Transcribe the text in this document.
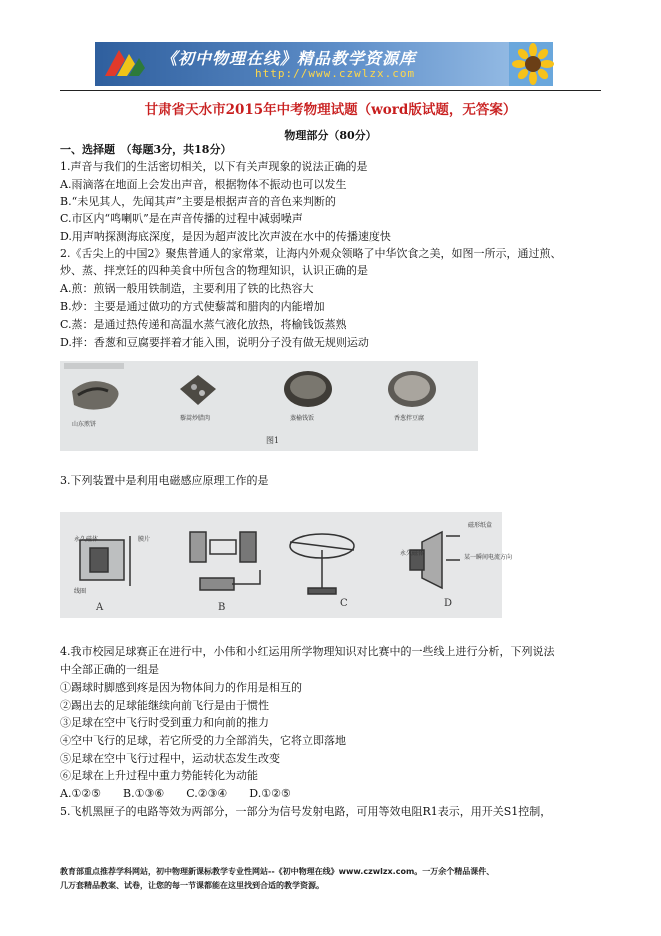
《初中物理在线》精品教学资源库
http://www.czwlzx.com
甘肃省天水市2015年中考物理试题（word版试题，无答案）
物理部分（80分）
一、选择题　（每题3分，共18分）
1.声音与我们的生活密切相关，以下有关声现象的说法正确的是
A.雨滴落在地面上会发出声音，根据物体不振动也可以发生
B.“未见其人，先闻其声”主要是根据声音的音色来判断的
C.市区内“鸣喇叭”是在声音传播的过程中减弱噪声
D.用声呐探测海底深度，是因为超声波比次声波在水中的传播速度快
2.《舌尖上的中国2》聚焦普通人的家常菜，让海内外观众领略了中华饮食之美，如图一所示，通过煎、
炒、蒸、拌烹饪的四种美食中所包含的物理知识，认识正确的是
A.煎：煎锅一般用铁制造，主要利用了铁的比热容大
B.炒：主要是通过做功的方式使藜蒿和腊肉的内能增加
C.蒸：是通过热传递和高温水蒸气液化放热，将榆钱饭蒸熟
D.拌：香葱和豆腐要拌着才能入围，说明分子没有做无规则运动
山东煎饼
藜蒿炒腊肉	蒸榆钱饭	香葱拌豆腐
图1
3.下列装置中是利用电磁感应原理工作的是
永久磁体	膜片
线圈
磁形纸盒
永久磁体
某一瞬间电流方向
A	B	C	D
4.我市校园足球赛正在进行中，小伟和小红运用所学物理知识对比赛中的一些线上进行分析，下列说法
中全部正确的一组是
①踢球时脚感到疼是因为物体间力的作用是相互的
②踢出去的足球能继续向前飞行是由于惯性
③足球在空中飞行时受到重力和向前的推力
④空中飞行的足球，若它所受的力全部消失，它将立即落地
⑤足球在空中飞行过程中，运动状态发生改变
⑥足球在上升过程中重力势能转化为动能
A.①②⑤　　B.①③⑥　　C.②③④　　D.①②⑤
5.飞机黑匣子的电路等效为两部分，一部分为信号发射电路，可用等效电阻R1表示，用开关S1控制，
教育部重点推荐学科网站，初中物理新课标教学专业性网站--《初中物理在线》www.czwlzx.com。一万余个精品课件、
几万套精品教案、试卷，让您的每一节课都能在这里找到合适的教学资源。
